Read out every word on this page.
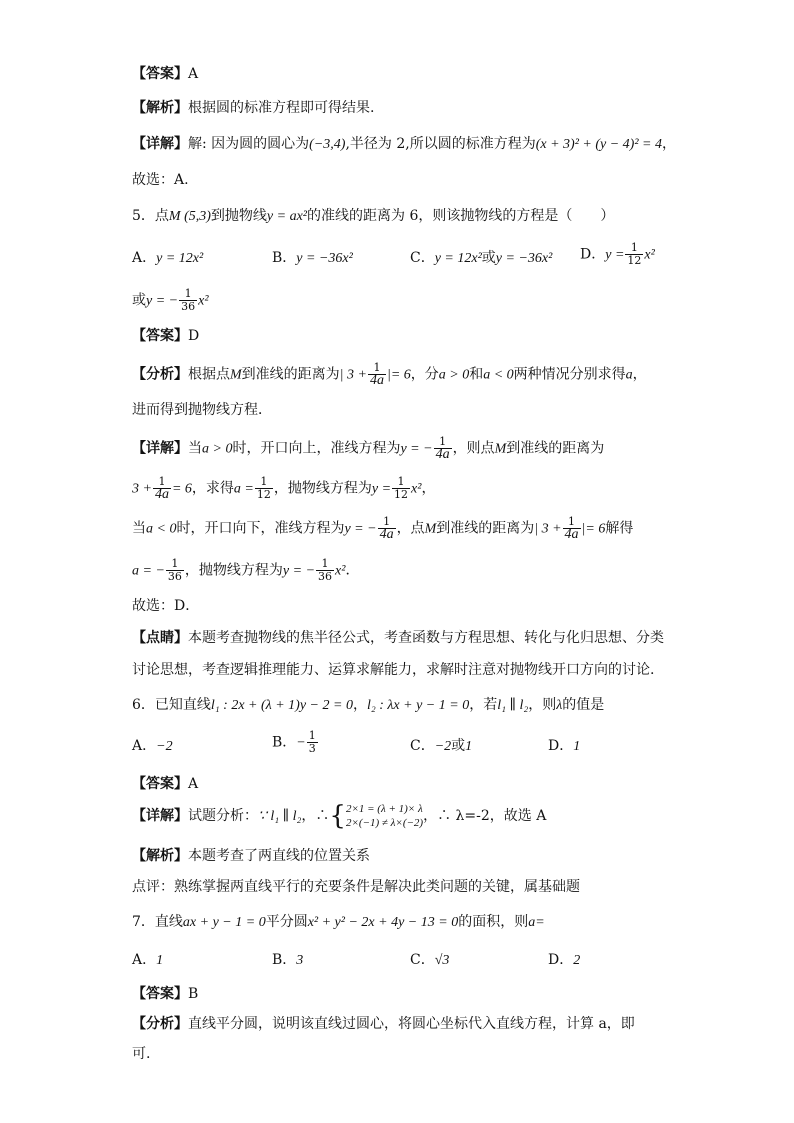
【答案】A
【解析】根据圆的标准方程即可得结果.
【详解】解: 因为圆的圆心为(−3,4),半径为 2,所以圆的标准方程为(x + 3)² + (y − 4)² = 4，
故选：A.
5．点M (5,3)到抛物线y = ax²的准线的距离为 6，则该抛物线的方程是（　　）
A．y = 12x²	B．y = −36x²	C．y = 12x²或y = −36x² D．$y = \frac{1}{12} x^2$
或y = − $\frac{1}{36} x^2$
【答案】D
【分析】根据点M到准线的距离为| $3 + \frac{1}{4a}$ |= 6，分a > 0和a < 0两种情况分别求得a，
进而得到抛物线方程．
【详解】当a > 0时，开口向上，准线方程为y = − $\frac{1}{4a}$ ，则点M到准线的距离为
$3 + \frac{1}{4a} = 6$，求得$a = \frac{1}{12}$ ，抛物线方程为$y = \frac{1}{12} x^2$，
当a < 0时，开口向下，准线方程为y = − $\frac{1}{4a}$ ，点M到准线的距离为| $3 + \frac{1}{4a}$ |= 6解得
a = − $\frac{1}{36}$ ，抛物线方程为y = − $\frac{1}{36} x^2$．
故选：D．
【点睛】本题考查抛物线的焦半径公式，考查函数与方程思想、转化与化归思想、分类
讨论思想，考查逻辑推理能力、运算求解能力，求解时注意对抛物线开口方向的讨论.
6．已知直线l₁ : 2x + (λ + 1)y − 2 = 0，l₂ : λx + y − 1 = 0，若l₁ ∥ l₂，则λ的值是
A．−2	B．− $\frac{1}{3}$	C．−2或1	D．1
【答案】A
【详解】试题分析：∵ l₁ ∥ l₂，∴{ 2×1 = (λ + 1)× λ
2×(−1) ≠ λ×(−2) ，∴ λ=-2，故选 A
【解析】本题考查了两直线的位置关系
点评：熟练掌握两直线平行的充要条件是解决此类问题的关键，属基础题
7．直线ax + y − 1 = 0平分圆x² + y² − 2x + 4y − 13 = 0的面积，则a=
A．1	B．3	C．√3	D．2
【答案】B
【分析】直线平分圆，说明该直线过圆心，将圆心坐标代入直线方程，计算 a，即
可.
